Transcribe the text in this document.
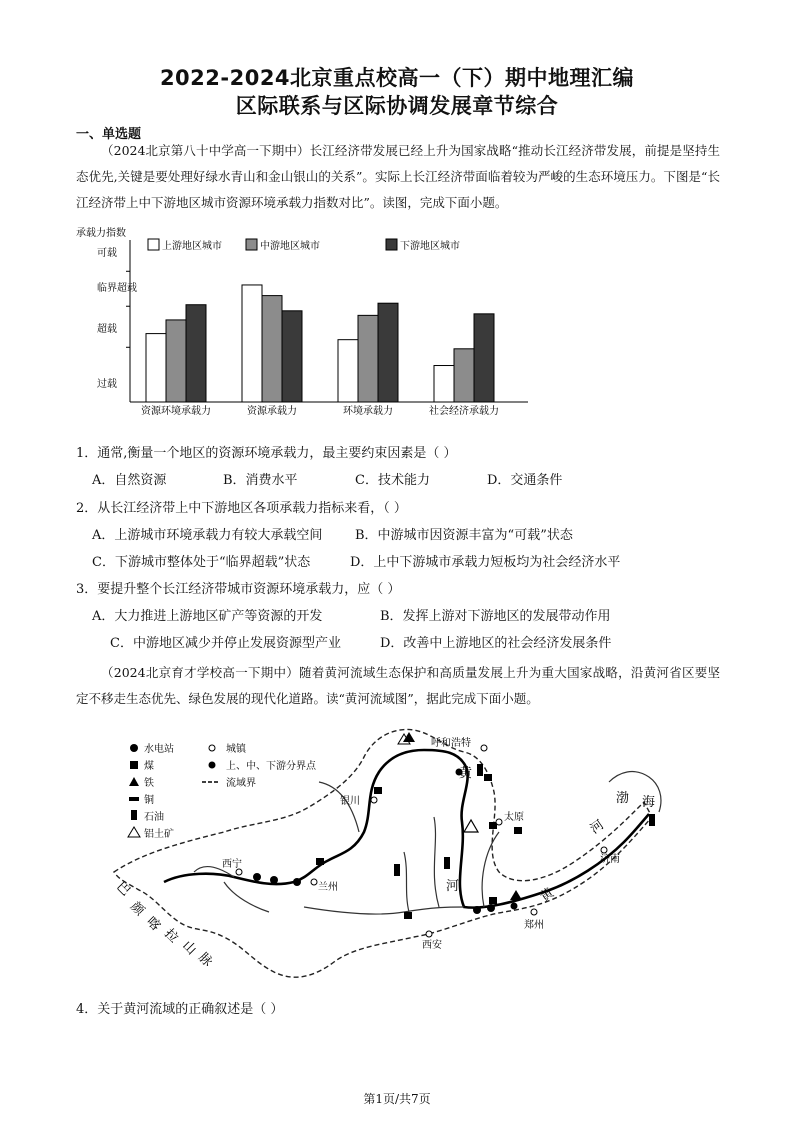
2022-2024北京重点校高一（下）期中地理汇编
区际联系与区际协调发展章节综合
一、单选题
（2024北京第八十中学高一下期中）长江经济带发展已经上升为国家战略“推动长江经济带发展，前提是坚持生态优先,关键是要处理好绿水青山和金山银山的关系”。实际上长江经济带面临着较为严峻的生态环境压力。下图是“长江经济带上中下游地区城市资源环境承载力指数对比”。读图，完成下面小题。
承载力指数
可载
临界超载
超载
过载
上游地区城市	中游地区城市	下游地区城市
资源环境承载力	资源承载力	环境承载力	社会经济承载力
1．通常,衡量一个地区的资源环境承载力，最主要约束因素是（ ）
A．自然资源	B．消费水平	C．技术能力	D．交通条件
2．从长江经济带上中下游地区各项承载力指标来看，（ ）
A．上游城市环境承载力有较大承载空间	B．中游城市因资源丰富为“可载”状态
C．下游城市整体处于“临界超载”状态	D．上中下游城市承载力短板均为社会经济水平
3．要提升整个长江经济带城市资源环境承载力，应（ ）
A．大力推进上游地区矿产等资源的开发	B．发挥上游对下游地区的发展带动作用
C．中游地区减少并停止发展资源型产业	D．改善中上游地区的社会经济发展条件
（2024北京育才学校高一下期中）随着黄河流域生态保护和高质量发展上升为重大国家战略，沿黄河省区要坚定不移走生态优先、绿色发展的现代化道路。读“黄河流域图”，据此完成下面小题。
呼和浩特
银川
太原
西宁
兰州
济南
西安
郑州
黄
河
河
黄
渤 海
巴
颜
喀
拉
山
脉
水电站
煤
铁
铜
石油
铝土矿
城镇
上、中、下游分界点
流域界
4．关于黄河流域的正确叙述是（ ）
第1页/共7页
